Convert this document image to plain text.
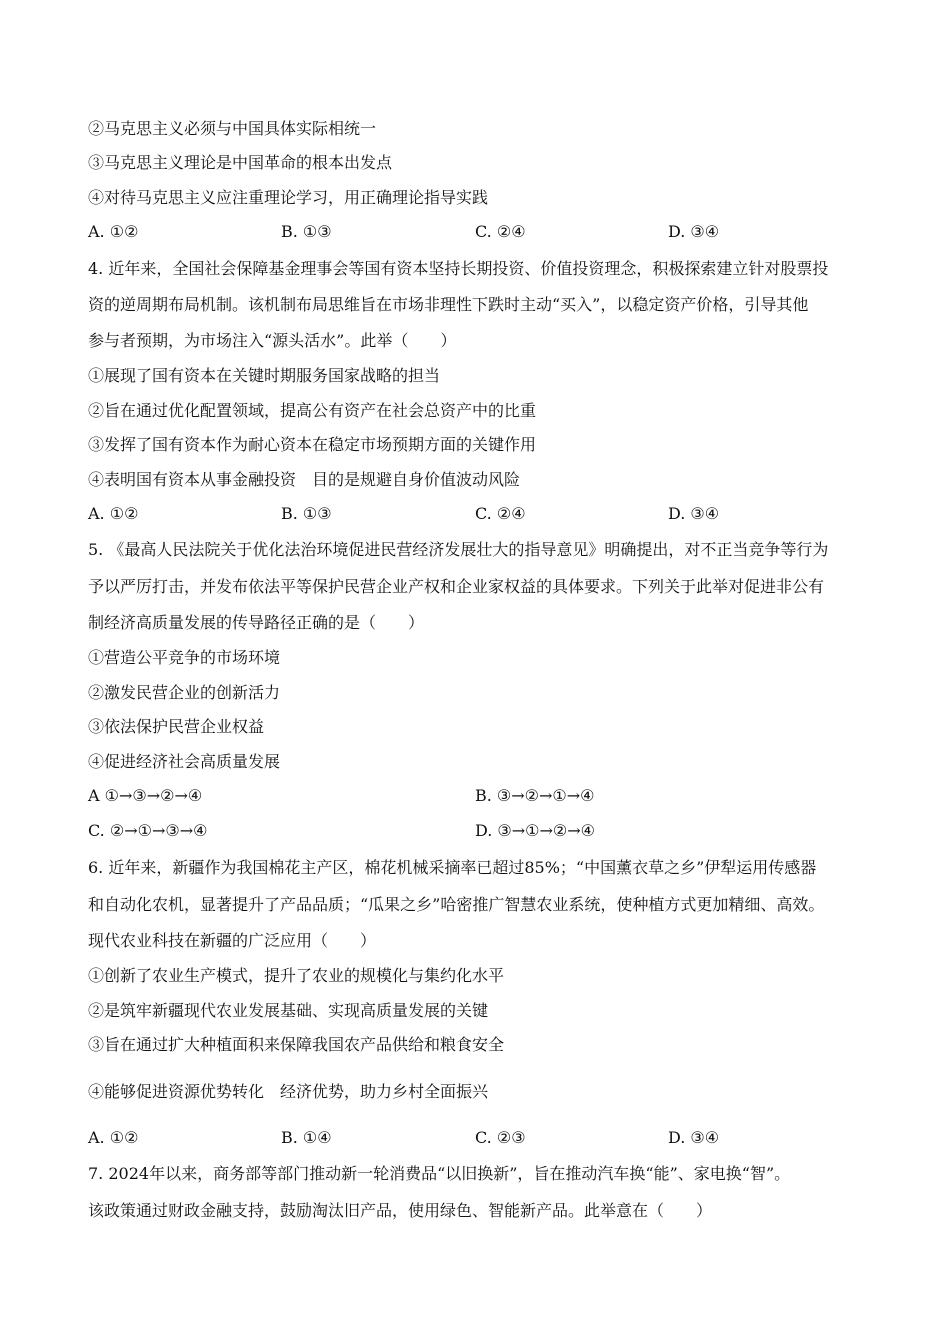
②马克思主义必须与中国具体实际相统一
③马克思主义理论是中国革命的根本出发点
④对待马克思主义应注重理论学习，用正确理论指导实践
A. ①②	B. ①③	C. ②④	D. ③④
4. 近年来，全国社会保障基金理事会等国有资本坚持长期投资、价值投资理念，积极探索建立针对股票投
资的逆周期布局机制。该机制布局思维旨在市场非理性下跌时主动“买入”，以稳定资产价格，引导其他
参与者预期，为市场注入“源头活水”。此举（　　）
①展现了国有资本在关键时期服务国家战略的担当
②旨在通过优化配置领域，提高公有资产在社会总资产中的比重
③发挥了国有资本作为耐心资本在稳定市场预期方面的关键作用
④表明国有资本从事金融投资　目的是规避自身价值波动风险
A. ①②	B. ①③	C. ②④	D. ③④
5. 《最高人民法院关于优化法治环境促进民营经济发展壮大的指导意见》明确提出，对不正当竞争等行为
予以严厉打击，并发布依法平等保护民营企业产权和企业家权益的具体要求。下列关于此举对促进非公有
制经济高质量发展的传导路径正确的是（　　）
①营造公平竞争的市场环境
②激发民营企业的创新活力
③依法保护民营企业权益
④促进经济社会高质量发展
A ①→③→②→④	B. ③→②→①→④
C. ②→①→③→④	D. ③→①→②→④
6. 近年来，新疆作为我国棉花主产区，棉花机械采摘率已超过85%；“中国薰衣草之乡”伊犁运用传感器
和自动化农机，显著提升了产品品质；“瓜果之乡”哈密推广智慧农业系统，使种植方式更加精细、高效。
现代农业科技在新疆的广泛应用（　　）
①创新了农业生产模式，提升了农业的规模化与集约化水平
②是筑牢新疆现代农业发展基础、实现高质量发展的关键
③旨在通过扩大种植面积来保障我国农产品供给和粮食安全
④能够促进资源优势转化　经济优势，助力乡村全面振兴
A. ①②	B. ①④	C. ②③	D. ③④
7. 2024年以来，商务部等部门推动新一轮消费品“以旧换新”，旨在推动汽车换“能”、家电换“智”。
该政策通过财政金融支持，鼓励淘汰旧产品，使用绿色、智能新产品。此举意在（　　）
